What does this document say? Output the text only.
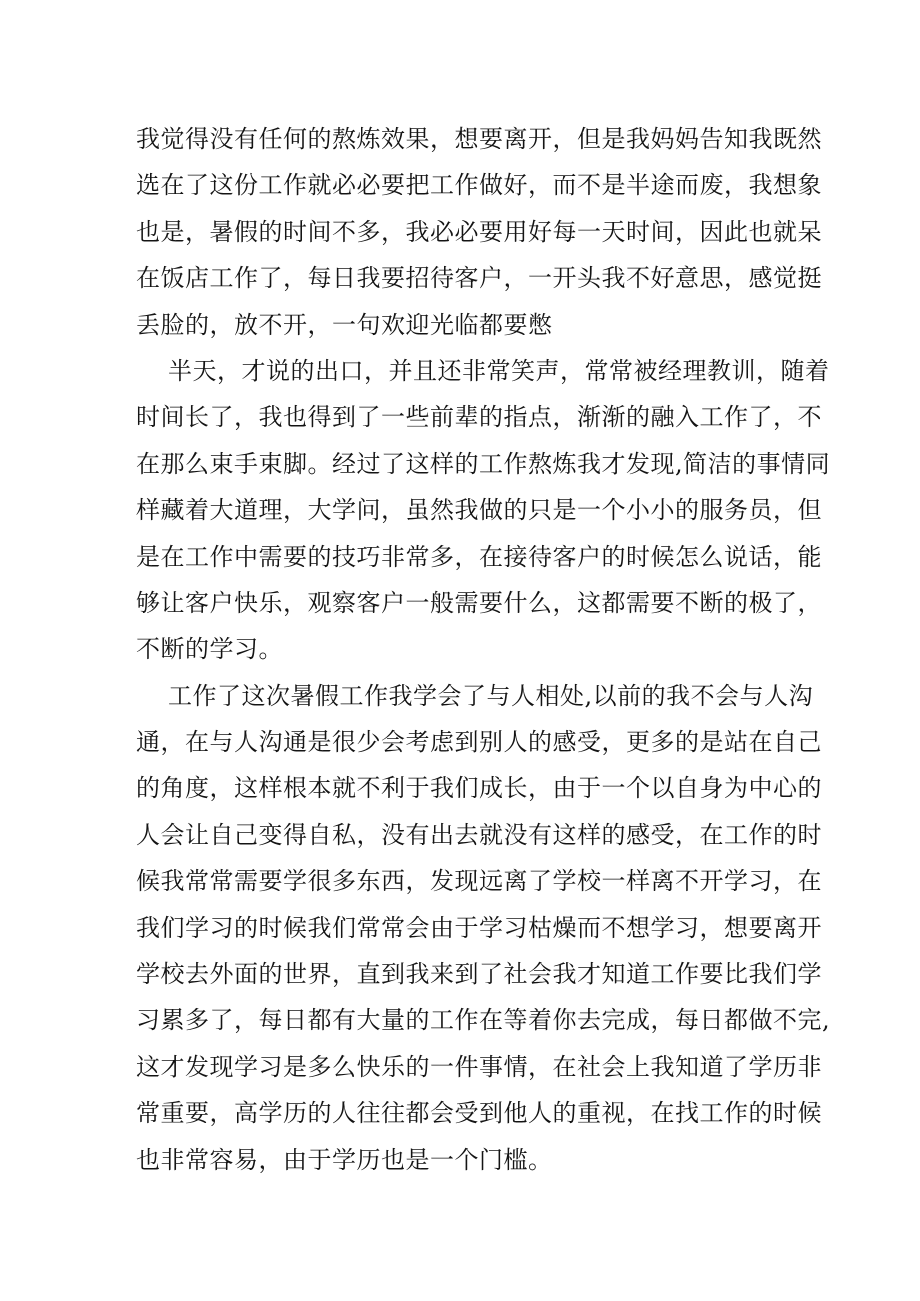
我觉得没有任何的熬炼效果，想要离开，但是我妈妈告知我既然
选在了这份工作就必必要把工作做好，而不是半途而废，我想象
也是，暑假的时间不多，我必必要用好每一天时间，因此也就呆
在饭店工作了，每日我要招待客户，一开头我不好意思，感觉挺
丢脸的，放不开，一句欢迎光临都要憋
半天，才说的出口，并且还非常笑声，常常被经理教训，随着
时间长了，我也得到了一些前辈的指点，渐渐的融入工作了，不
在那么束手束脚。经过了这样的工作熬炼我才发现,简洁的事情同
样藏着大道理，大学问，虽然我做的只是一个小小的服务员，但
是在工作中需要的技巧非常多，在接待客户的时候怎么说话，能
够让客户快乐，观察客户一般需要什么，这都需要不断的极了，
不断的学习。
工作了这次暑假工作我学会了与人相处,以前的我不会与人沟
通，在与人沟通是很少会考虑到别人的感受，更多的是站在自己
的角度，这样根本就不利于我们成长，由于一个以自身为中心的
人会让自己变得自私，没有出去就没有这样的感受，在工作的时
候我常常需要学很多东西，发现远离了学校一样离不开学习，在
我们学习的时候我们常常会由于学习枯燥而不想学习，想要离开
学校去外面的世界，直到我来到了社会我才知道工作要比我们学
习累多了，每日都有大量的工作在等着你去完成，每日都做不完,
这才发现学习是多么快乐的一件事情，在社会上我知道了学历非
常重要，高学历的人往往都会受到他人的重视，在找工作的时候
也非常容易，由于学历也是一个门槛。
